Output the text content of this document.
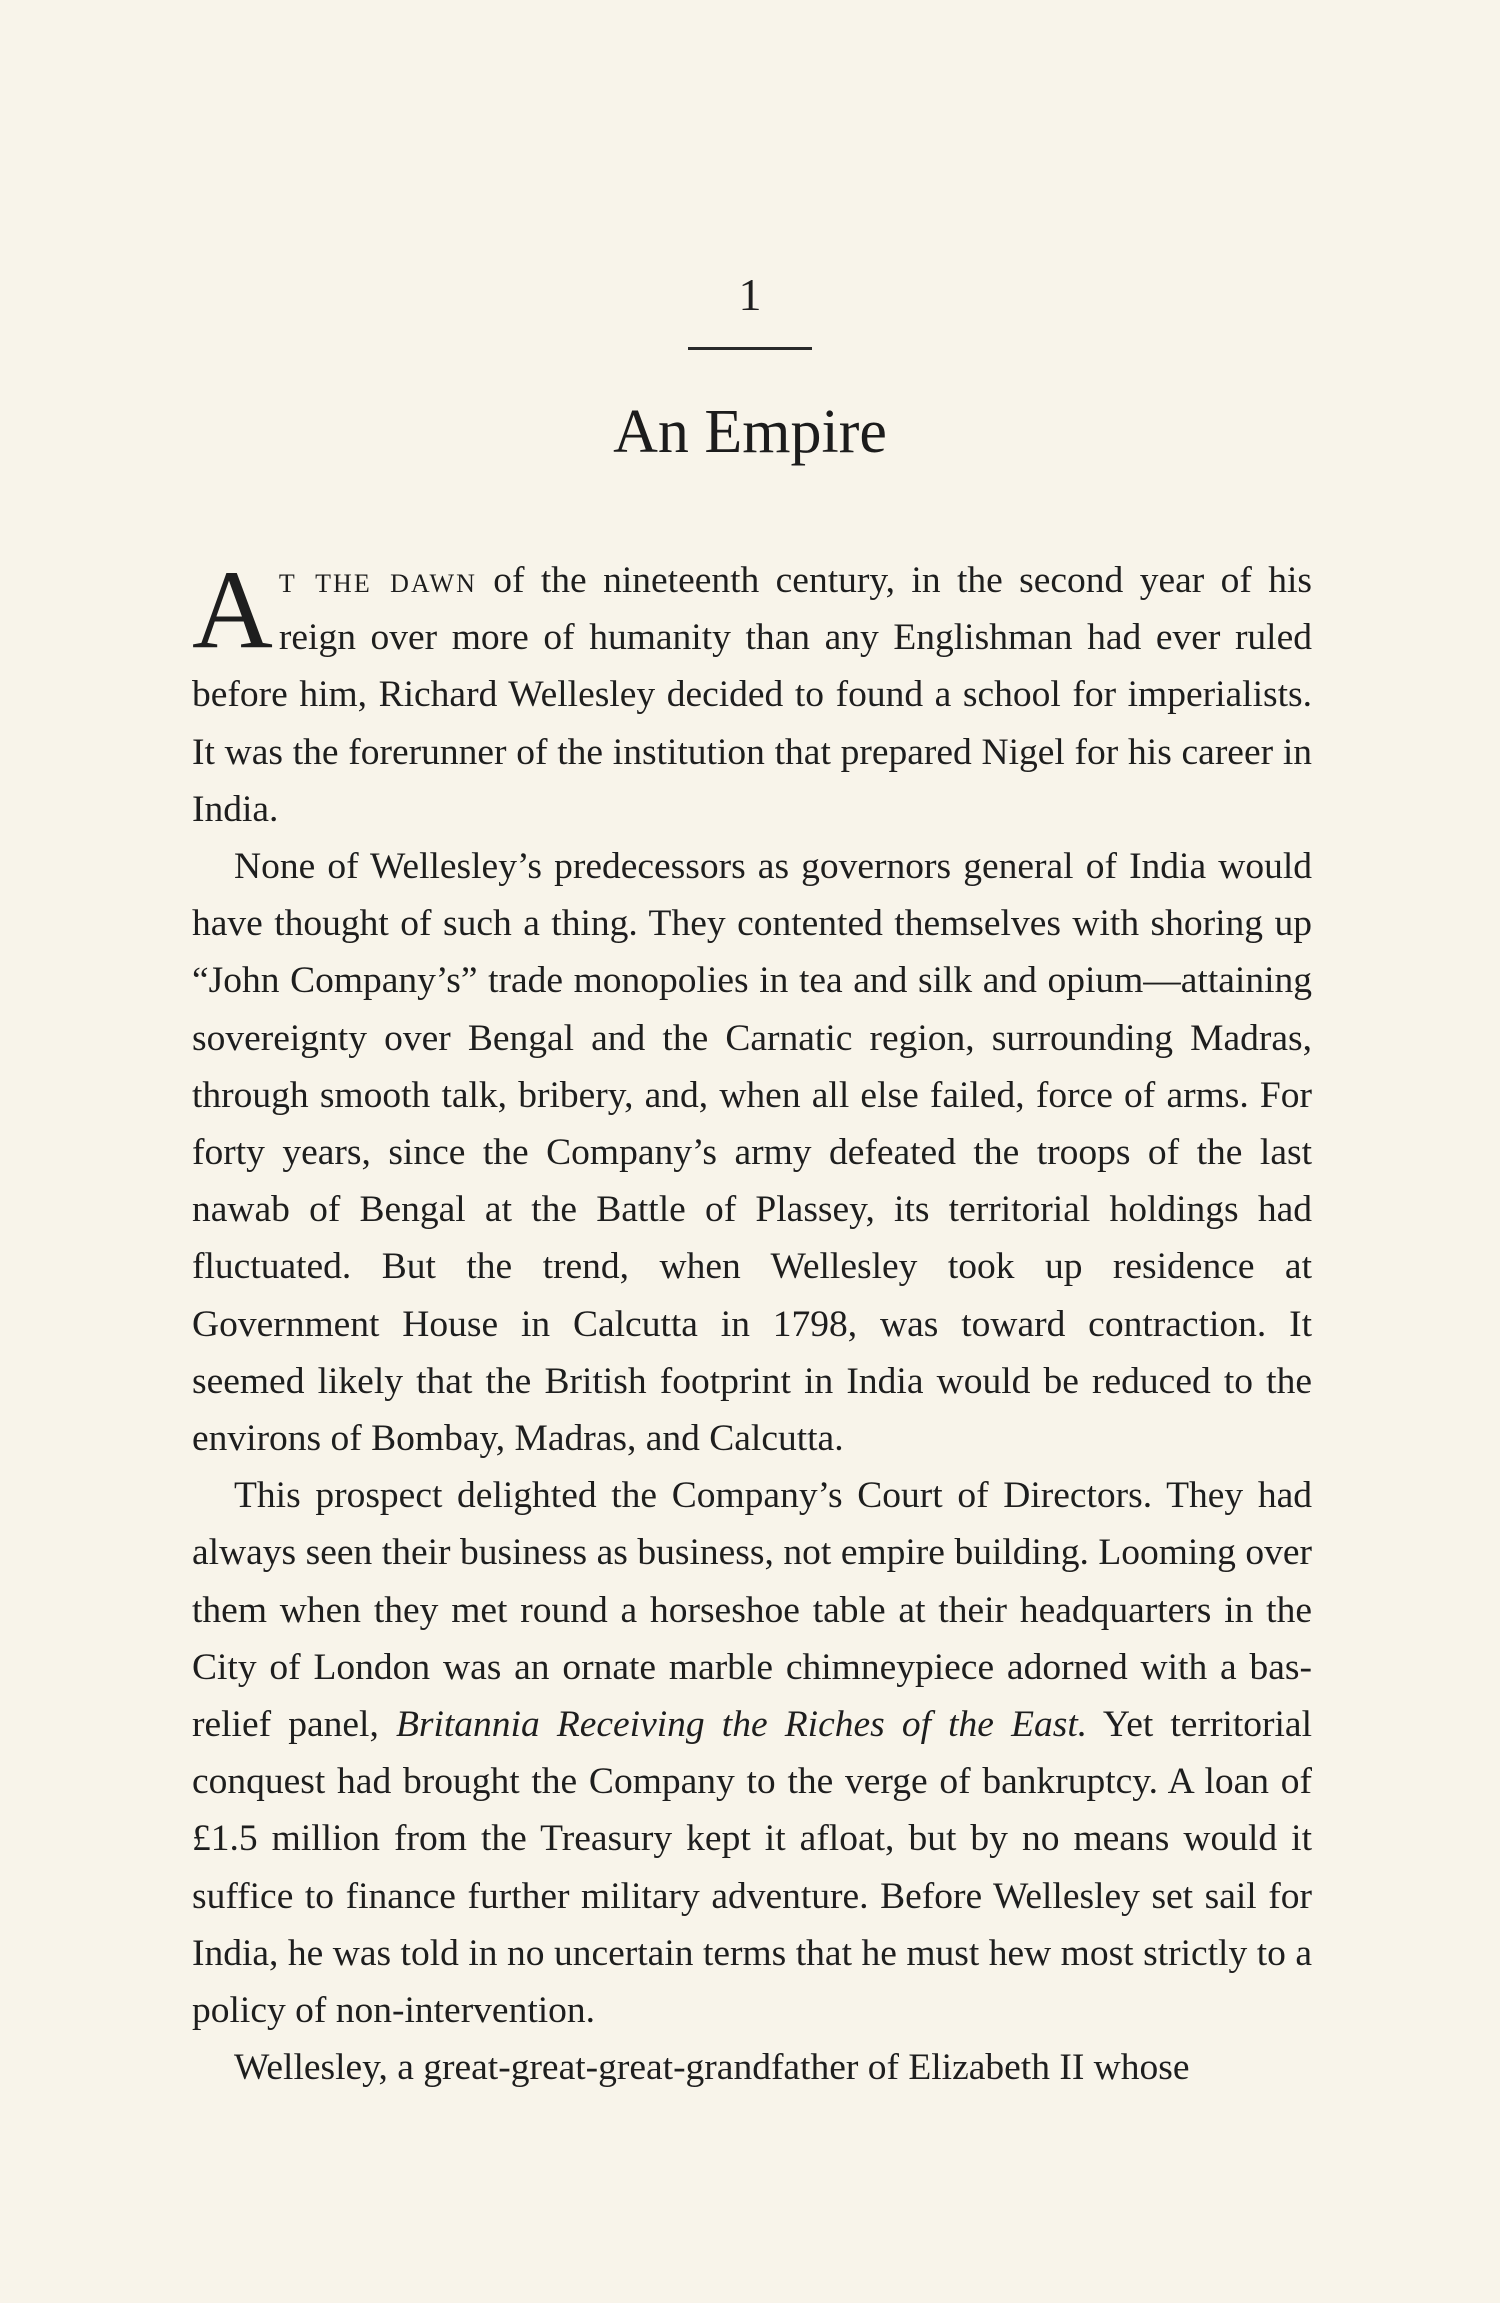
1
An Empire

At the dawn of the nineteenth century, in the second year of his reign over more of humanity than any Englishman had ever ruled before him, Richard Wellesley decided to found a school for imperialists. It was the forerunner of the institution that prepared Nigel for his career in India.

None of Wellesley’s predecessors as governors general of India would have thought of such a thing. They contented themselves with shoring up “John Company’s” trade monopolies in tea and silk and opium—attaining sovereignty over Bengal and the Carnatic region, surrounding Madras, through smooth talk, bribery, and, when all else failed, force of arms. For forty years, since the Company’s army defeated the troops of the last nawab of Bengal at the Battle of Plassey, its territorial holdings had fluctuated. But the trend, when Wellesley took up residence at Government House in Calcutta in 1798, was toward contraction. It seemed likely that the British footprint in India would be reduced to the environs of Bombay, Madras, and Calcutta.

This prospect delighted the Company’s Court of Directors. They had always seen their business as business, not empire building. Looming over them when they met round a horseshoe table at their headquarters in the City of London was an ornate marble chimneypiece adorned with a bas-relief panel, Britannia Receiving the Riches of the East. Yet territorial conquest had brought the Company to the verge of bankruptcy. A loan of £1.5 million from the Treasury kept it afloat, but by no means would it suffice to finance further military adventure. Before Wellesley set sail for India, he was told in no uncertain terms that he must hew most strictly to a policy of non-intervention.

Wellesley, a great-great-great-grandfather of Elizabeth II whose
